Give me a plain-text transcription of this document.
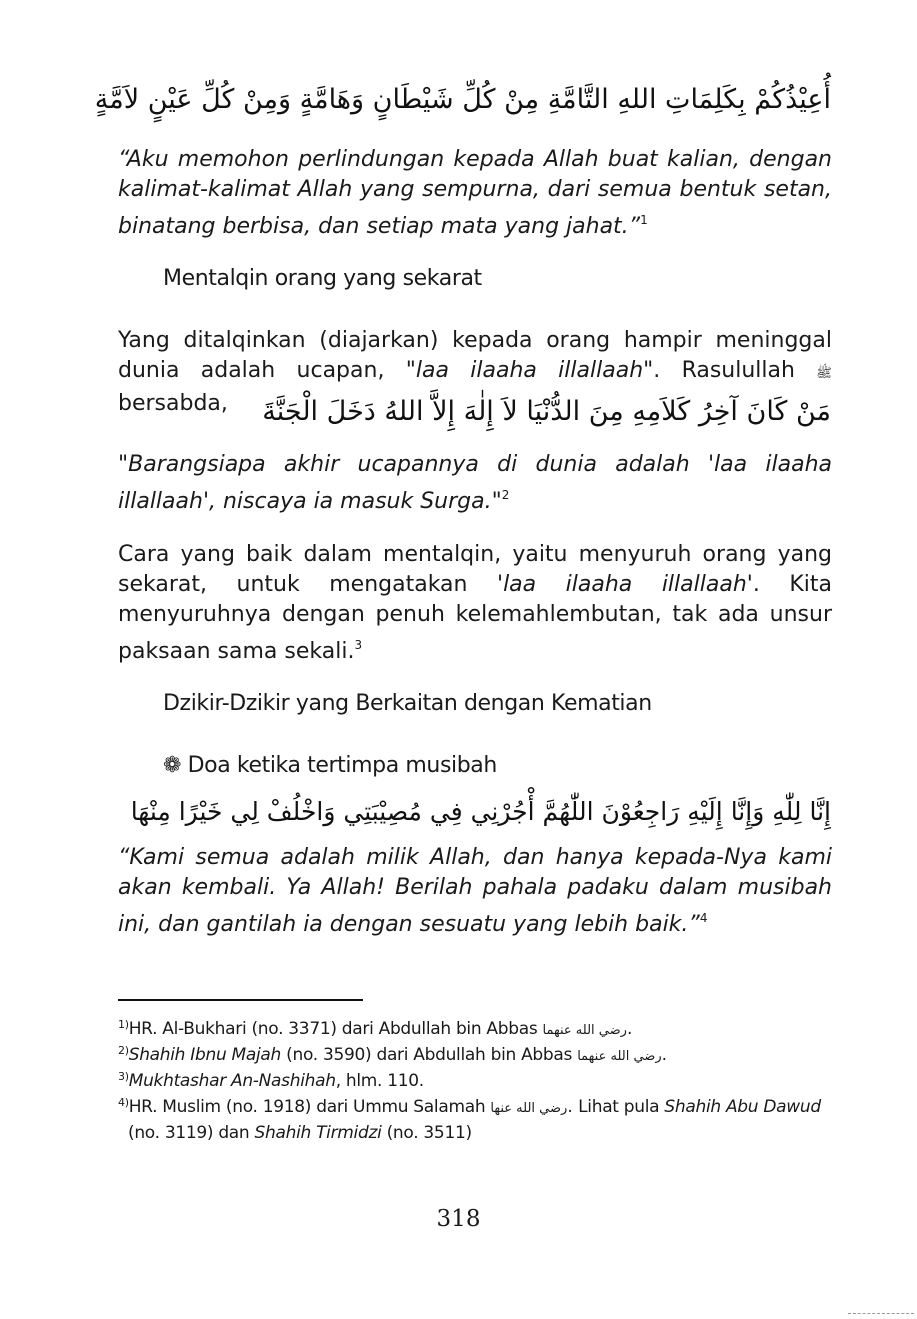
أُعِيْذُكُمْ بِكَلِمَاتِ اللهِ التَّامَّةِ مِنْ كُلِّ شَيْطَانٍ وَهَامَّةٍ وَمِنْ كُلِّ عَيْنٍ لاَمَّةٍ

“Aku memohon perlindungan kepada Allah buat kalian, dengan kalimat-kalimat Allah yang sempurna, dari semua bentuk setan, binatang berbisa, dan setiap mata yang jahat.”$^1$

Mentalqin orang yang sekarat

Yang ditalqinkan (diajarkan) kepada orang hampir meninggal dunia adalah ucapan, "laa ilaaha illallaah". Rasulullah ﷺ bersabda,	مَنْ كَانَ آخِرُ كَلاَمِهِ مِنَ الدُّنْيَا لاَ إِلٰهَ إِلاَّ اللهُ دَخَلَ الْجَنَّةَ

"Barangsiapa akhir ucapannya di dunia adalah 'laa ilaaha illallaah', niscaya ia masuk Surga."$^2$

Cara yang baik dalam mentalqin, yaitu menyuruh orang yang sekarat, untuk mengatakan 'laa ilaaha illallaah'. Kita menyuruhnya dengan penuh kelemahlembutan, tak ada unsur paksaan sama sekali.$^3$

Dzikir-Dzikir yang Berkaitan dengan Kematian

❁ Doa ketika tertimpa musibah

إِنَّا لِلّٰهِ وَإِنَّا إِلَيْهِ رَاجِعُوْنَ اللّٰهُمَّ أْجُرْنِي فِي مُصِيْبَتِي وَاخْلُفْ لِي خَيْرًا مِنْهَا

“Kami semua adalah milik Allah, dan hanya kepada-Nya kami akan kembali. Ya Allah! Berilah pahala padaku dalam musibah ini, dan gantilah ia dengan sesuatu yang lebih baik.”$^4$

$^{1)}$HR. Al-Bukhari (no. 3371) dari Abdullah bin Abbas رضي الله عنهما.
$^{2)}$Shahih Ibnu Majah (no. 3590) dari Abdullah bin Abbas رضي الله عنهما.
$^{3)}$Mukhtashar An-Nashihah, hlm. 110.
$^{4)}$HR. Muslim (no. 1918) dari Ummu Salamah رضي الله عنها. Lihat pula Shahih Abu Dawud
(no. 3119) dan Shahih Tirmidzi (no. 3511)
318
